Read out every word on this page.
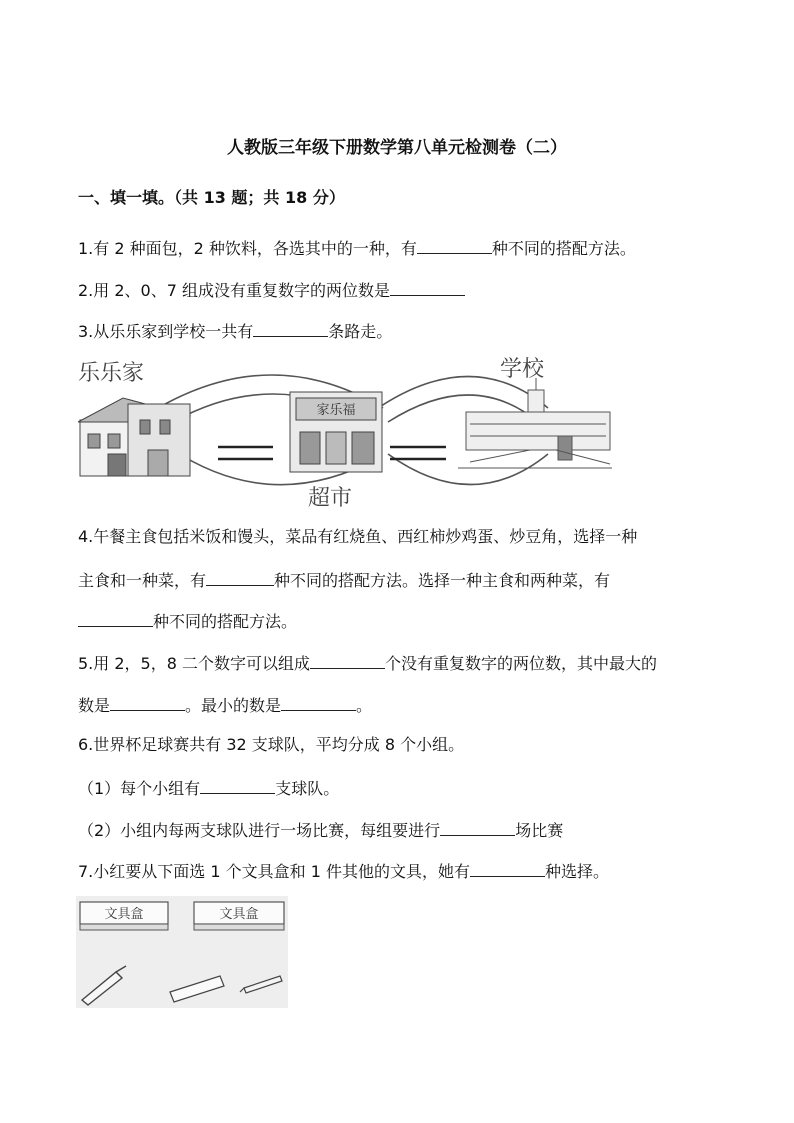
人教版三年级下册数学第八单元检测卷（二）
一、填一填。（共 13 题；共 18 分）
1.有 2 种面包，2 种饮料，各选其中的一种，有	种不同的搭配方法。
2.用 2、0、7 组成没有重复数字的两位数是
3.从乐乐家到学校一共有	条路走。
家乐福
乐乐家	学校
超市
4.午餐主食包括米饭和馒头，菜品有红烧鱼、西红柿炒鸡蛋、炒豆角，选择一种
主食和一种菜，有	种不同的搭配方法。选择一种主食和两种菜，有
种不同的搭配方法。
5.用 2，5，8 二个数字可以组成	个没有重复数字的两位数，其中最大的
数是	。最小的数是	。
6.世界杯足球赛共有 32 支球队，平均分成 8 个小组。
（1）每个小组有	支球队。
（2）小组内每两支球队进行一场比赛，每组要进行	场比赛
7.小红要从下面选 1 个文具盒和 1 件其他的文具，她有	种选择。
文具盒	文具盒
